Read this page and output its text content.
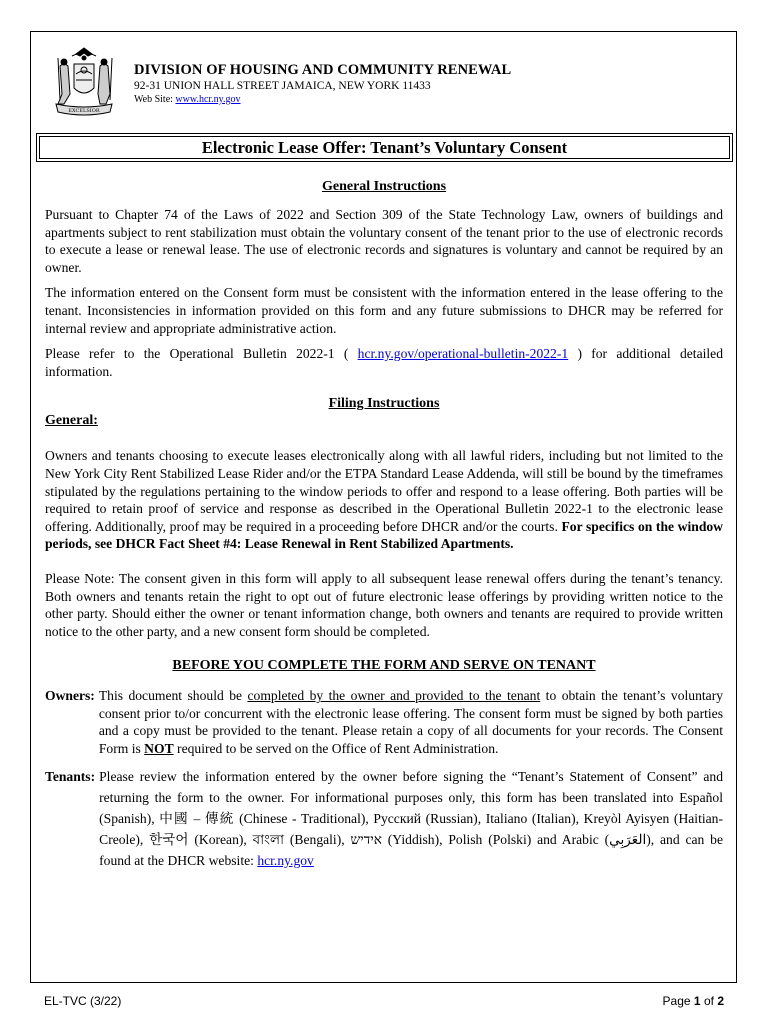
EXCELSIOR
DIVISION OF HOUSING AND COMMUNITY RENEWAL
92-31 UNION HALL STREET JAMAICA, NEW YORK 11433
Web Site: www.hcr.ny.gov
Electronic Lease Offer: Tenant’s Voluntary Consent
General Instructions

Pursuant to Chapter 74 of the Laws of 2022 and Section 309 of the State Technology Law, owners of buildings and apartments subject to rent stabilization must obtain the voluntary consent of the tenant prior to the use of electronic records to execute a lease or renewal lease. The use of electronic records and signatures is voluntary and cannot be required by an owner.

The information entered on the Consent form must be consistent with the information entered in the lease offering to the tenant. Inconsistencies in information provided on this form and any future submissions to DHCR may be referred for internal review and appropriate administrative action.

Please refer to the Operational Bulletin 2022-1 ( hcr.ny.gov/operational-bulletin-2022-1 ) for additional detailed information.

Filing Instructions
General:

Owners and tenants choosing to execute leases electronically along with all lawful riders, including but not limited to the New York City Rent Stabilized Lease Rider and/or the ETPA Standard Lease Addenda, will still be bound by the timeframes stipulated by the regulations pertaining to the window periods to offer and respond to a lease offering. Both parties will be required to retain proof of service and response as described in the Operational Bulletin 2022-1 to the electronic lease offering. Additionally, proof may be required in a proceeding before DHCR and/or the courts. For specifics on the window periods, see DHCR Fact Sheet #4: Lease Renewal in Rent Stabilized Apartments.

Please Note: The consent given in this form will apply to all subsequent lease renewal offers during the tenant’s tenancy. Both owners and tenants retain the right to opt out of future electronic lease offerings by providing written notice to the other party. Should either the owner or tenant information change, both owners and tenants are required to provide written notice to the other party, and a new consent form should be completed.

BEFORE YOU COMPLETE THE FORM AND SERVE ON TENANT
Owners: This document should be completed by the owner and provided to the tenant to obtain the tenant’s voluntary consent prior to/or concurrent with the electronic lease offering. The consent form must be signed by both parties and a copy must be provided to the tenant. Please retain a copy of all documents for your records. The Consent Form is NOT required to be served on the Office of Rent Administration.
Tenants: Please review the information entered by the owner before signing the “Tenant’s Statement of Consent” and returning the form to the owner. For informational purposes only, this form has been translated into Español (Spanish), 中國 – 傳統 (Chinese - Traditional), Русский (Russian), Italiano (Italian), Kreyòl Ayisyen (Haitian-Creole), 한국어 (Korean), বাংলা (Bengali), אידיש (Yiddish), Polish (Polski) and Arabic (العَرَبِي), and can be found at the DHCR website: hcr.ny.gov
EL-TVC (3/22)	Page 1 of 2
